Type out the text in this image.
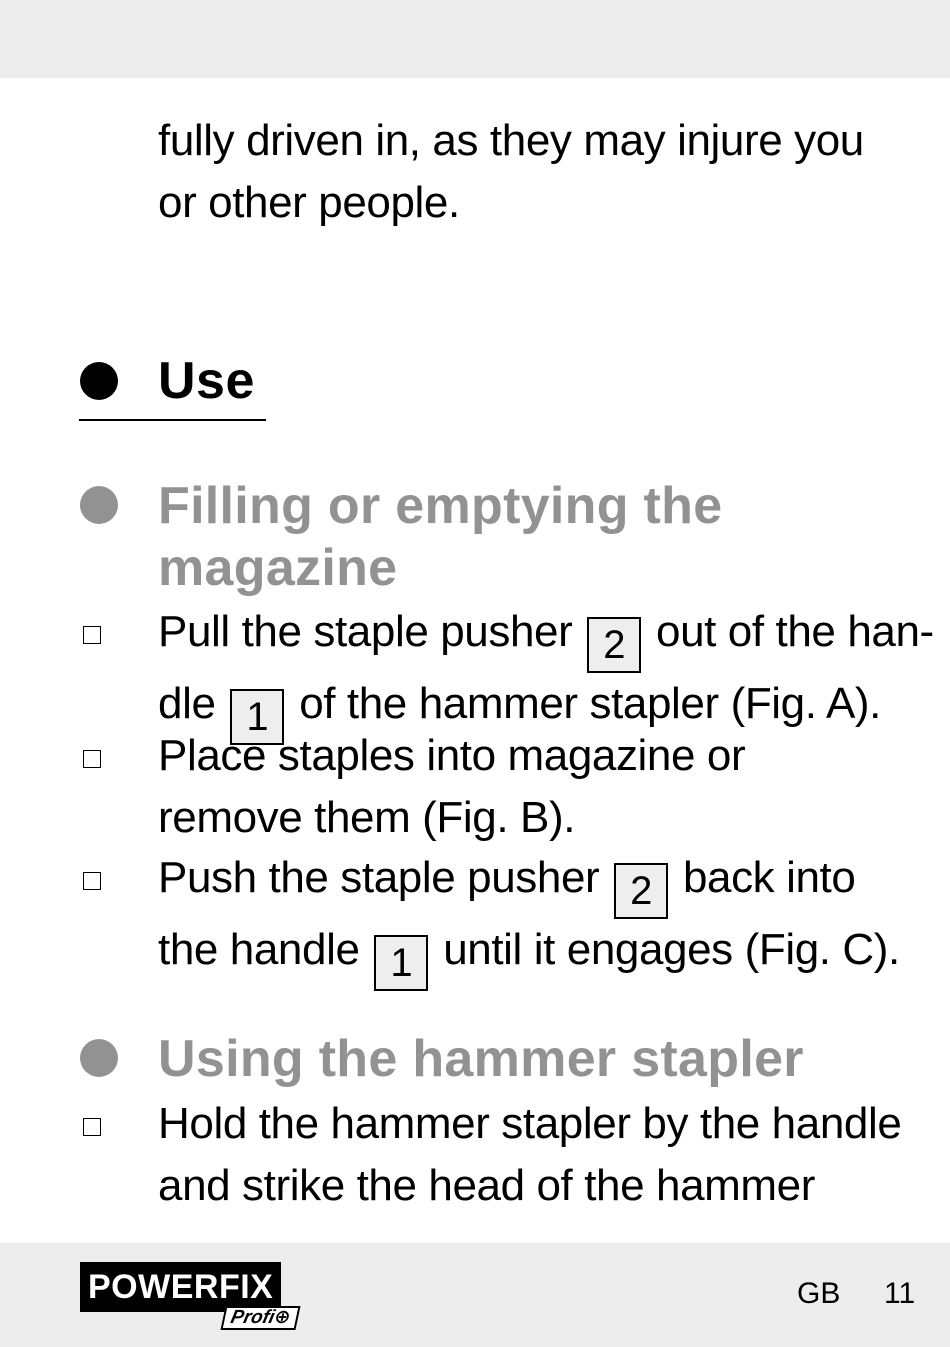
fully driven in, as they may injure you
or other people.
Use
Filling or emptying the
magazine
Pull the staple pusher 2 out of the han-
dle 1 of the hammer stapler (Fig. A).
Place staples into magazine or
remove them (Fig. B).
Push the staple pusher 2 back into
the handle 1 until it engages (Fig. C).
Using the hammer stapler
Hold the hammer stapler by the handle
and strike the head of the hammer
POWERFIX
Profi⊕
GB 11
